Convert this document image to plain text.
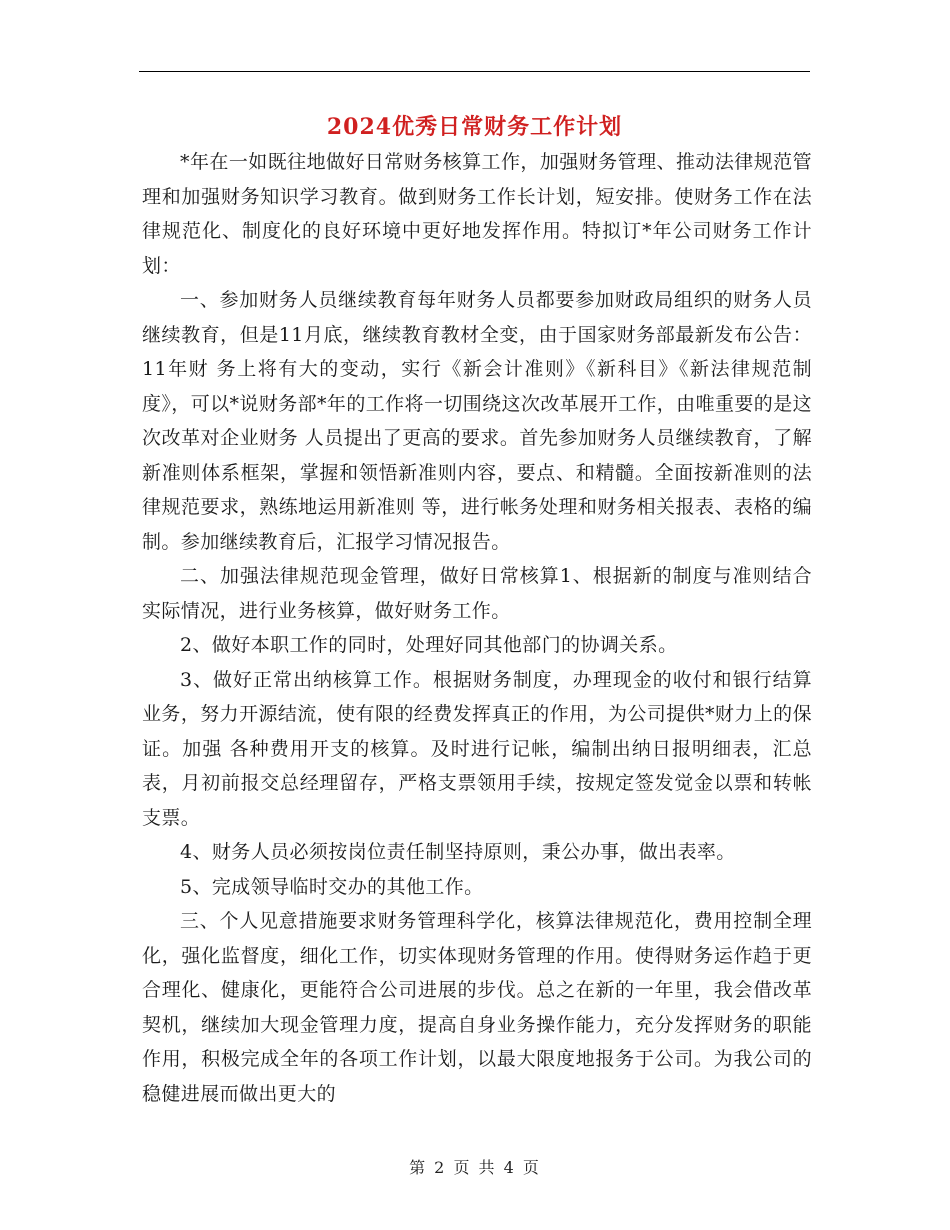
2024优秀日常财务工作计划

*年在一如既往地做好日常财务核算工作，加强财务管理、推动法律规范管理和加强财务知识学习教育。做到财务工作长计划，短安排。使财务工作在法律规范化、制度化的良好环境中更好地发挥作用。特拟订*年公司财务工作计划：

一、参加财务人员继续教育每年财务人员都要参加财政局组织的财务人员继续教育，但是11月底，继续教育教材全变，由于国家财务部最新发布公告：11年财 务上将有大的变动，实行《新会计准则》《新科目》《新法律规范制度》，可以*说财务部*年的工作将一切围绕这次改革展开工作，由唯重要的是这次改革对企业财务 人员提出了更高的要求。首先参加财务人员继续教育，了解新准则体系框架，掌握和领悟新准则内容，要点、和精髓。全面按新准则的法律规范要求，熟练地运用新准则 等，进行帐务处理和财务相关报表、表格的编制。参加继续教育后，汇报学习情况报告。

二、加强法律规范现金管理，做好日常核算1、根据新的制度与准则结合实际情况，进行业务核算，做好财务工作。

2、做好本职工作的同时，处理好同其他部门的协调关系。

3、做好正常出纳核算工作。根据财务制度，办理现金的收付和银行结算业务，努力开源结流，使有限的经费发挥真正的作用，为公司提供*财力上的保证。加强 各种费用开支的核算。及时进行记帐，编制出纳日报明细表，汇总表，月初前报交总经理留存，严格支票领用手续，按规定签发觉金以票和转帐支票。

4、财务人员必须按岗位责任制坚持原则，秉公办事，做出表率。

5、完成领导临时交办的其他工作。

三、个人见意措施要求财务管理科学化，核算法律规范化，费用控制全理化，强化监督度，细化工作，切实体现财务管理的作用。使得财务运作趋于更合理化、健康化，更能符合公司进展的步伐。总之在新的一年里，我会借改革契机，继续加大现金管理力度，提高自身业务操作能力，充分发挥财务的职能作用，积极完成全年的各项工作计划，以最大限度地报务于公司。为我公司的稳健进展而做出更大的

第 2 页 共 4 页
